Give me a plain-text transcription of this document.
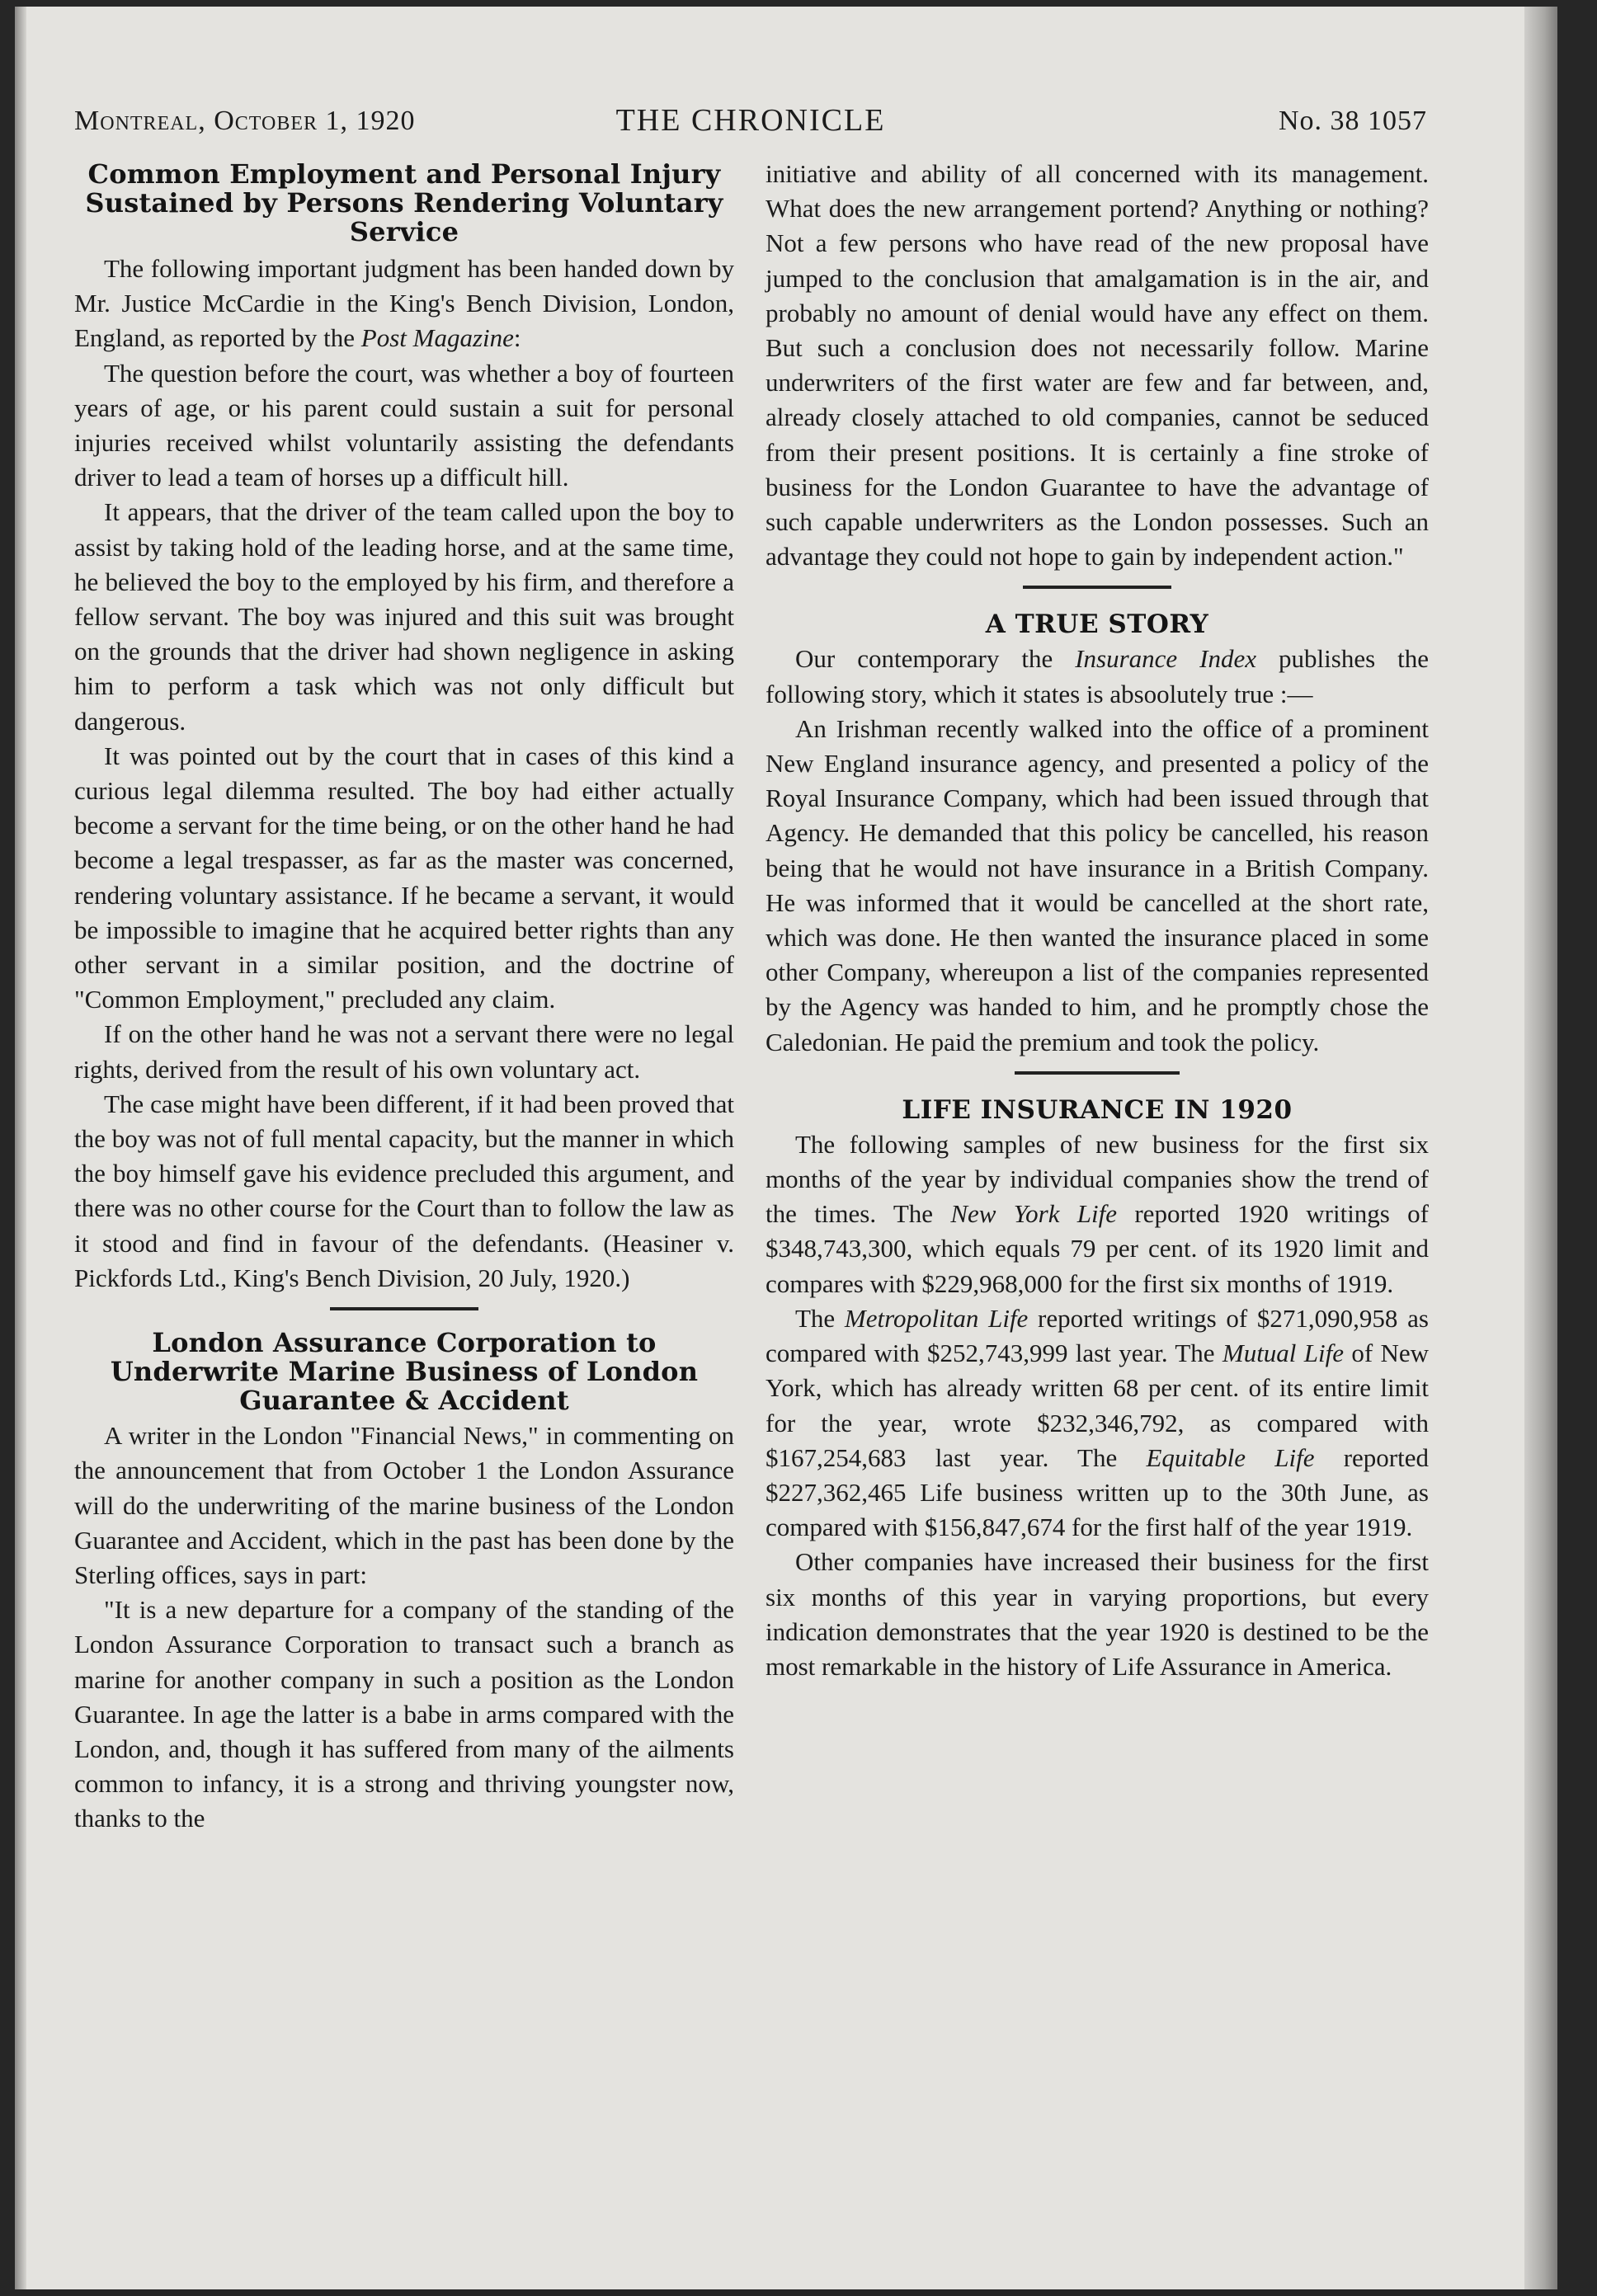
Montreal, October 1, 1920	THE CHRONICLE	No. 38 1057
Common Employment and Personal Injury Sustained by Persons Rendering Voluntary Service

The following important judgment has been handed down by Mr. Justice McCardie in the King's Bench Division, London, England, as reported by the Post Magazine:

The question before the court, was whether a boy of fourteen years of age, or his parent could sustain a suit for personal injuries received whilst voluntarily assisting the defendants driver to lead a team of horses up a difficult hill.

It appears, that the driver of the team called upon the boy to assist by taking hold of the leading horse, and at the same time, he believed the boy to the employed by his firm, and therefore a fellow servant. The boy was injured and this suit was brought on the grounds that the driver had shown negligence in asking him to perform a task which was not only difficult but dangerous.

It was pointed out by the court that in cases of this kind a curious legal dilemma resulted. The boy had either actually become a servant for the time being, or on the other hand he had become a legal trespasser, as far as the master was concerned, rendering voluntary assistance. If he became a servant, it would be impossible to imagine that he acquired better rights than any other servant in a similar position, and the doctrine of "Common Employment," precluded any claim.

If on the other hand he was not a servant there were no legal rights, derived from the result of his own voluntary act.

The case might have been different, if it had been proved that the boy was not of full mental capacity, but the manner in which the boy himself gave his evidence precluded this argument, and there was no other course for the Court than to follow the law as it stood and find in favour of the defendants. (Heasiner v. Pickfords Ltd., King's Bench Division, 20 July, 1920.)

London Assurance Corporation to Underwrite Marine Business of London Guarantee & Accident

A writer in the London "Financial News," in commenting on the announcement that from October 1 the London Assurance will do the underwriting of the marine business of the London Guarantee and Accident, which in the past has been done by the Sterling offices, says in part:

"It is a new departure for a company of the standing of the London Assurance Corporation to transact such a branch as marine for another company in such a position as the London Guarantee. In age the latter is a babe in arms compared with the London, and, though it has suffered from many of the ailments common to infancy, it is a strong and thriving youngster now, thanks to the

initiative and ability of all concerned with its management. What does the new arrangement portend? Anything or nothing? Not a few persons who have read of the new proposal have jumped to the conclusion that amalgamation is in the air, and probably no amount of denial would have any effect on them. But such a conclusion does not necessarily follow. Marine underwriters of the first water are few and far between, and, already closely attached to old companies, cannot be seduced from their present positions. It is certainly a fine stroke of business for the London Guarantee to have the advantage of such capable underwriters as the London possesses. Such an advantage they could not hope to gain by independent action."

A TRUE STORY

Our contemporary the Insurance Index publishes the following story, which it states is absoolutely true :—

An Irishman recently walked into the office of a prominent New England insurance agency, and presented a policy of the Royal Insurance Company, which had been issued through that Agency. He demanded that this policy be cancelled, his reason being that he would not have insurance in a British Company. He was informed that it would be cancelled at the short rate, which was done. He then wanted the insurance placed in some other Company, whereupon a list of the companies represented by the Agency was handed to him, and he promptly chose the Caledonian. He paid the premium and took the policy.

LIFE INSURANCE IN 1920

The following samples of new business for the first six months of the year by individual companies show the trend of the times. The New York Life reported 1920 writings of $348,743,300, which equals 79 per cent. of its 1920 limit and compares with $229,968,000 for the first six months of 1919.

The Metropolitan Life reported writings of $271,090,958 as compared with $252,743,999 last year. The Mutual Life of New York, which has already written 68 per cent. of its entire limit for the year, wrote $232,346,792, as compared with $167,254,683 last year. The Equitable Life reported $227,362,465 Life business written up to the 30th June, as compared with $156,847,674 for the first half of the year 1919.

Other companies have increased their business for the first six months of this year in varying proportions, but every indication demonstrates that the year 1920 is destined to be the most remarkable in the history of Life Assurance in America.
